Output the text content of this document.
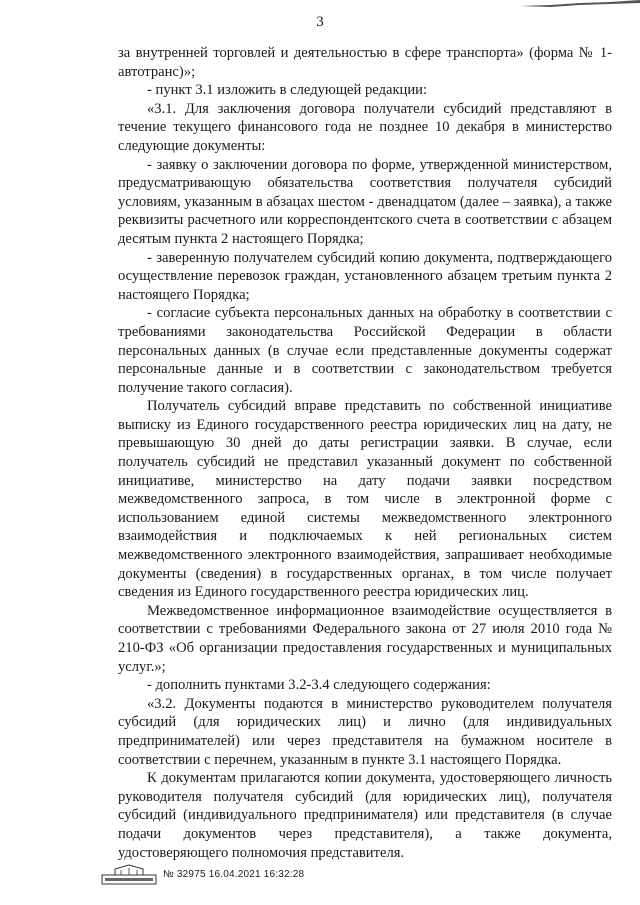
3

за внутренней торговлей и деятельностью в сфере транспорта» (форма № 1-автотранс)»;

- пункт 3.1 изложить в следующей редакции:

«3.1. Для заключения договора получатели субсидий представляют в течение текущего финансового года не позднее 10 декабря в министерство следующие документы:

- заявку о заключении договора по форме, утвержденной министерством, предусматривающую обязательства соответствия получателя субсидий условиям, указанным в абзацах шестом - двенадцатом (далее – заявка), а также реквизиты расчетного или корреспондентского счета в соответствии с абзацем десятым пункта 2 настоящего Порядка;

- заверенную получателем субсидий копию документа, подтверждающего осуществление перевозок граждан, установленного абзацем третьим пункта 2 настоящего Порядка;

- согласие субъекта персональных данных на обработку в соответствии с требованиями законодательства Российской Федерации в области персональных данных (в случае если представленные документы содержат персональные данные и в соответствии с законодательством требуется получение такого согласия).

Получатель субсидий вправе представить по собственной инициативе выписку из Единого государственного реестра юридических лиц на дату, не превышающую 30 дней до даты регистрации заявки. В случае, если получатель субсидий не представил указанный документ по собственной инициативе, министерство на дату подачи заявки посредством межведомственного запроса, в том числе в электронной форме с использованием единой системы межведомственного электронного взаимодействия и подключаемых к ней региональных систем межведомственного электронного взаимодействия, запрашивает необходимые документы (сведения) в государственных органах, в том числе получает сведения из Единого государственного реестра юридических лиц.

Межведомственное информационное взаимодействие осуществляется в соответствии с требованиями Федерального закона от 27 июля 2010 года № 210-ФЗ «Об организации предоставления государственных и муниципальных услуг.»;

- дополнить пунктами 3.2-3.4 следующего содержания:

«3.2. Документы подаются в министерство руководителем получателя субсидий (для юридических лиц) и лично (для индивидуальных предпринимателей) или через представителя на бумажном носителе в соответствии с перечнем, указанным в пункте 3.1 настоящего Порядка.

К документам прилагаются копии документа, удостоверяющего личность руководителя получателя субсидий (для юридических лиц), получателя субсидий (индивидуального предпринимателя) или представителя (в случае подачи документов через представителя), а также документа, удостоверяющего полномочия представителя.

№ 32975 16.04.2021 16:32:28
